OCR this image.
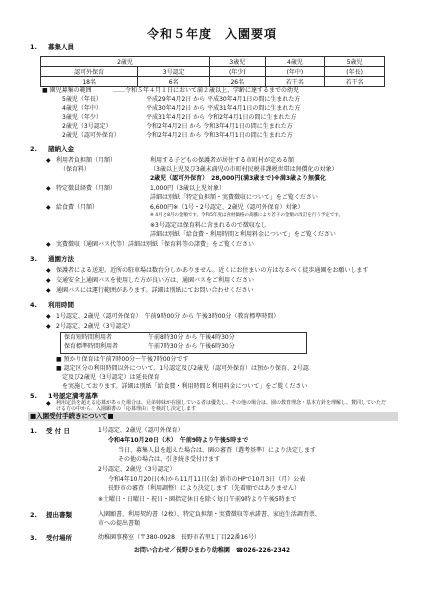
令和５年度　入園要項
1. 募集人員
2歳児		3歳児	4歳児	5歳児
認可外保育	3号認定	(年少)	(年中)	(年長)
18名	6名	26名	若干名	若干名
■ 園児募集の範囲	……令和５年４月１日において満２歳以上、学齢に達するまでの幼児
5歳児（年長）	平成29年4月2日 から 平成30年4月1日の間に生まれた方
4歳児（年中）	平成30年4月2日 から 平成31年4月1日の間に生まれた方
3歳児（年少）	平成31年4月2日 から 令和2年4月1日の間に生まれた方
2歳児（3号認定）	令和2年4月2日 から 令和3年4月1日の間に生まれた方
2歳児（認可外保育）	令和2年4月2日 から 令和3年4月1日の間に生まれた方
2. 諸納入金
◆ 利用者負担額（月額）
（保育料）
利用する子どもの保護者が居住する市町村が定める額
（3歳以上児及び3歳未満児の市町村民税非課税世帯は無償化の対象）
2歳児（認可外保育）　28,000円(満3歳まで)※満3歳より無償化
◆ 特定徴員経費（月額）	1,000円（3歳以上児対象）
詳細は別紙「特定負担額・実費徴収について」をご覧ください
◆ 給食費（月額）	6,600円※（1号・2号認定、2歳児（認可外保育）対象）
※ 4月と8月の金額です。令和5年度は食材価格の高騰により若干の金額の改訂を行う予定です。
※3号認定は保育料に含まれるので徴収なし
詳細は別紙「給食費・利用時間と利用料金について」をご覧ください
◆ 実費徴収（通園バス代等）詳細は別紙「保育料等の諸費」をご覧ください
3. 通園方法
◆ 保護者による送迎。近所の駐車場は数台分しかありません。近くにお住まいの方はなるべく徒歩通園をお願いします
◆ 交通安全上通園バスを使用した方が良い方は、通園バスをご利用ください
◆ 通園バスには運行範囲があります。詳細は別紙にてお問い合わせください
4. 利用時間
◆ 1号認定、2歳児（認可外保育）　午前9時00分 から 午後3時00分（教育標準時間）
◆ 2号認定、2歳児（3号認定）
保育短時間利用者	午前8時30分 から 午後4時30分
保育標準時間利用者	午前7時30分 から 午後6時30分
■ 預かり保育は午前7時00分～午後7時00分です
■ 認定区分の利用時間以外について、1号認定及び2歳児（認可外保育）は預かり保育、2号認
　定及び2歳児（3号認定）は延長保育
　を実施しております。詳細は別紙「給食費・利用時間と利用料金について」をご覧ください
5. 1号認定満考基準
◆ 利用定員を超える応募があった場合は、兄弟姉妹が在園している者は優先し、その他の場合は、園の教育理念・基本方針を理解し、賛同していただける方の中から、入園願書の「応募理由」を検討し決定します
■入園受付手続きについて■
1. 受 付 日	1号認定、2歳児（認可外保育）
令和4年10月20日（木）　午前9時より午後5時まで
当日、募集人員を超えた場合は、園の審査（選考基準）により決定します
その他の場合は、引き続き受付けます
2号認定、2歳児（3号認定）
令和4年10月20日(木)から11月11日(金) 新市のHPで10月3日（月）公表
長野市の審査（利用調整）により決定します（先着順ではありません）
※土曜日・日曜日・祝日・園指定休日を除く毎日午前9時より午後5時まで
2. 提出書類	入園願書、利用契約書（2枚）、特定負担額・実費徴収等承諾書、家庭生活調査票、
市への提出書類
3. 受付場所	幼稚園事務室（〒380-0928　長野市若里1丁目22番16号）
お問い合わせ／長野ひまわり幼稚園　☎026-226-2342
